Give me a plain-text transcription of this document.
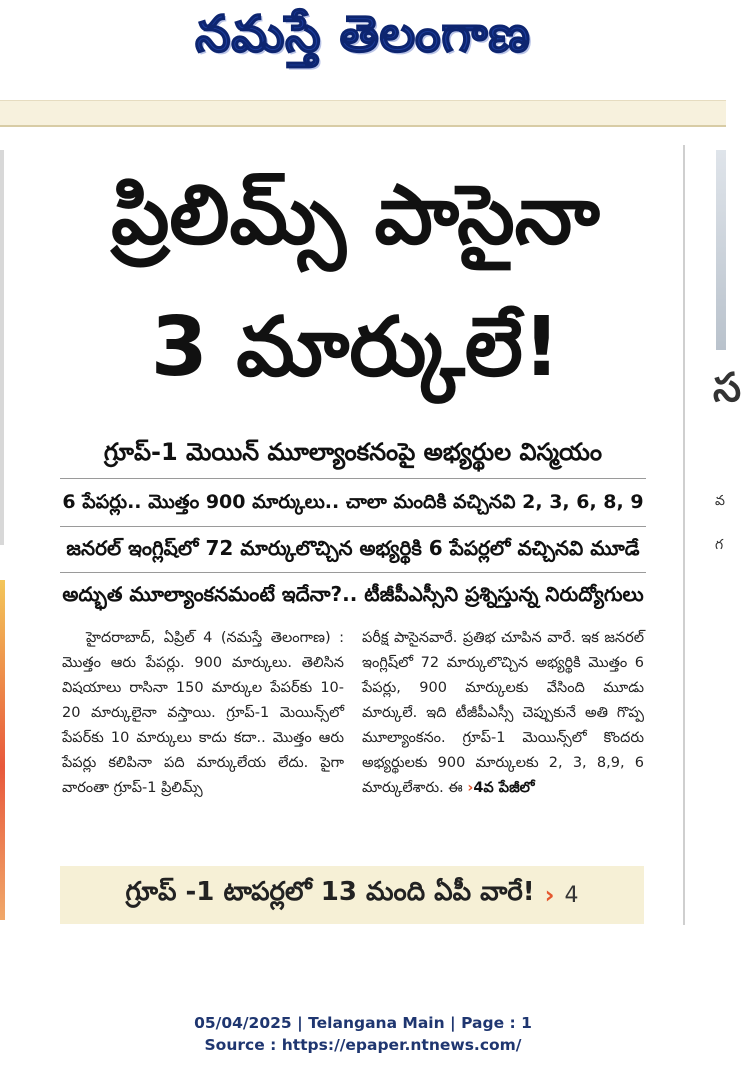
నమస్తే తెలంగాణ
స
వ
గ
ప్రిలిమ్స్ పాసైనా
3 మార్కులే!
గ్రూప్-1 మెయిన్ మూల్యాంకనంపై అభ్యర్థుల విస్మయం
6 పేపర్లు.. మొత్తం 900 మార్కులు.. చాలా మందికి వచ్చినవి 2, 3, 6, 8, 9
జనరల్ ఇంగ్లిష్‌లో 72 మార్కులొచ్చిన అభ్యర్థికి 6 పేపర్లలో వచ్చినవి మూడే
అద్భుత మూల్యాంకనమంటే ఇదేనా?.. టీజీపీఎస్సీని ప్రశ్నిస్తున్న నిరుద్యోగులు
హైదరాబాద్, ఏప్రిల్ 4 (నమస్తే తెలంగాణ) : మొత్తం ఆరు పేపర్లు. 900 మార్కులు. తెలిసిన విషయాలు రాసినా 150 మార్కుల పేపర్‌కు 10-20 మార్కులైనా వస్తాయి. గ్రూప్-1 మెయిన్స్‌లో పేపర్‌కు 10 మార్కులు కాదు కదా.. మొత్తం ఆరు పేపర్లు కలిపినా పది మార్కులేయ లేదు. పైగా వారంతా గ్రూప్-1 ప్రిలిమ్స్
పరీక్ష పాసైనవారే. ప్రతిభ చూపిన వారే. ఇక జనరల్ ఇంగ్లిష్‌లో 72 మార్కులొచ్చిన అభ్యర్థికి మొత్తం 6 పేపర్లు, 900 మార్కులకు వేసింది మూడు మార్కులే. ఇది టీజీపీఎస్సీ చెప్పుకునే అతి గొప్ప మూల్యాంకనం. గ్రూప్-1 మెయిన్స్‌లో కొందరు అభ్యర్థులకు 900 మార్కులకు 2, 3, 8,9, 6 మార్కులేశారు. ఈ ›4వ పేజీలో
గ్రూప్ -1 టాపర్లలో 13 మంది ఏపీ వారే! › 4
05/04/2025 | Telangana Main | Page : 1
Source : https://epaper.ntnews.com/
